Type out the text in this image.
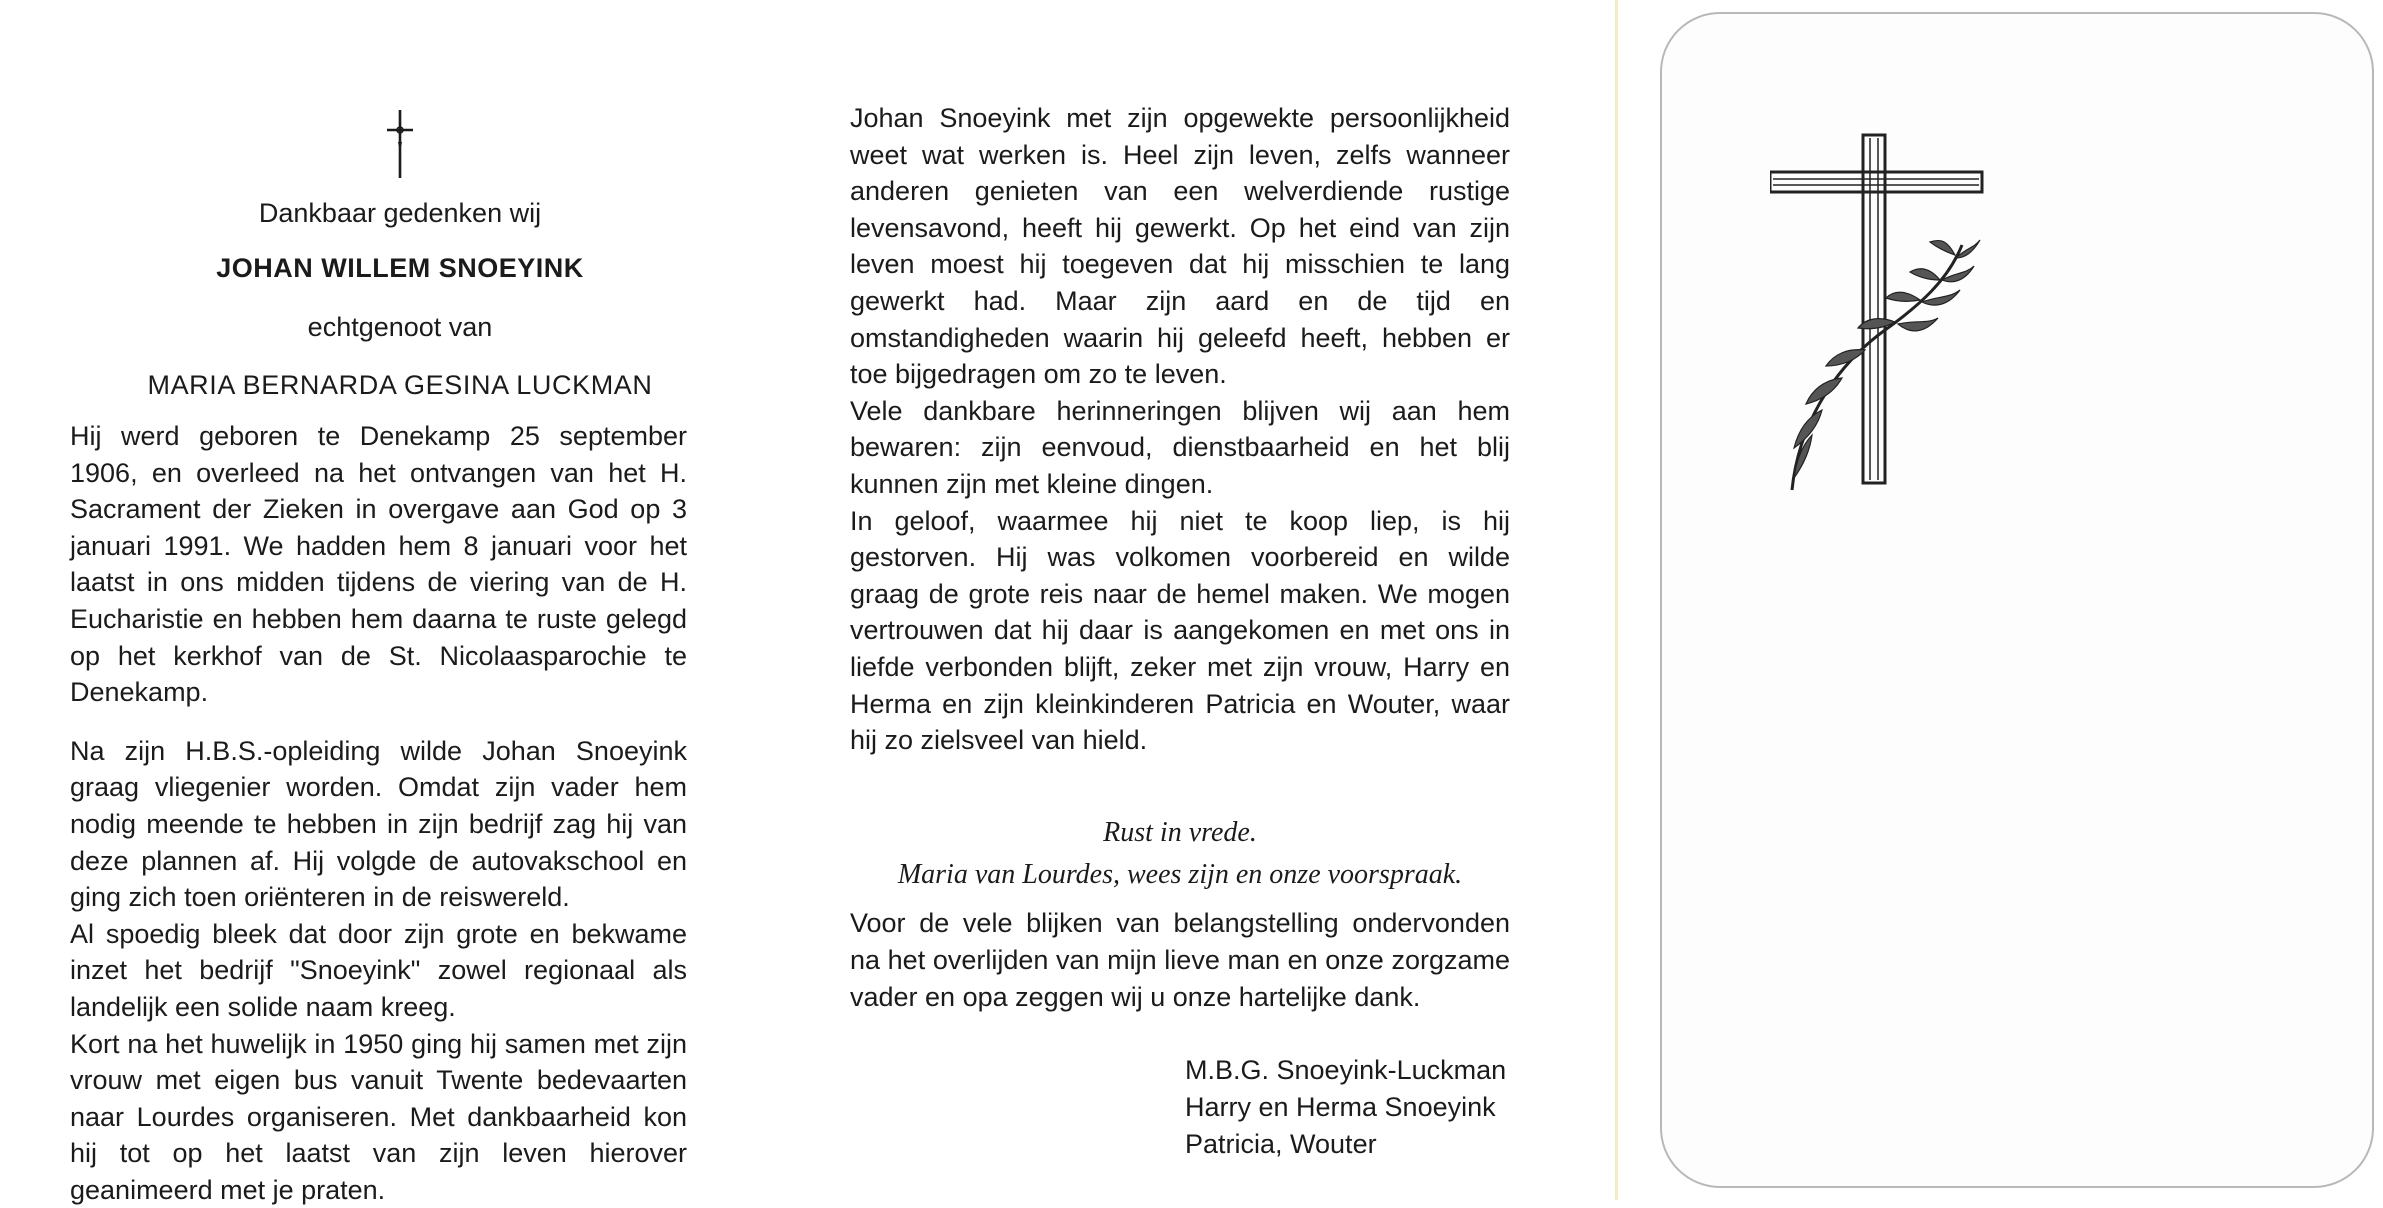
Dankbaar gedenken wij
JOHAN WILLEM SNOEYINK
echtgenoot van
MARIA BERNARDA GESINA LUCKMAN

Hij werd geboren te Denekamp 25 september 1906, en overleed na het ontvangen van het H. Sacrament der Zieken in overgave aan God op 3 januari 1991. We hadden hem 8 januari voor het laatst in ons midden tijdens de viering van de H. Eucharistie en hebben hem daarna te ruste gelegd op het kerkhof van de St. Nicolaasparochie te Denekamp.

Na zijn H.B.S.-opleiding wilde Johan Snoeyink graag vliegenier worden. Omdat zijn vader hem nodig meende te hebben in zijn bedrijf zag hij van deze plannen af. Hij volgde de autovakschool en ging zich toen oriënteren in de reiswereld.

Al spoedig bleek dat door zijn grote en bekwame inzet het bedrijf "Snoeyink" zowel regionaal als landelijk een solide naam kreeg.

Kort na het huwelijk in 1950 ging hij samen met zijn vrouw met eigen bus vanuit Twente bedevaarten naar Lourdes organiseren. Met dankbaarheid kon hij tot op het laatst van zijn leven hierover geanimeerd met je praten.

Johan Snoeyink met zijn opgewekte persoonlijkheid weet wat werken is. Heel zijn leven, zelfs wanneer anderen genieten van een welverdiende rustige levensavond, heeft hij gewerkt. Op het eind van zijn leven moest hij toegeven dat hij misschien te lang gewerkt had. Maar zijn aard en de tijd en omstandigheden waarin hij geleefd heeft, hebben er toe bijgedragen om zo te leven.

Vele dankbare herinneringen blijven wij aan hem bewaren: zijn eenvoud, dienstbaarheid en het blij kunnen zijn met kleine dingen.

In geloof, waarmee hij niet te koop liep, is hij gestorven. Hij was volkomen voorbereid en wilde graag de grote reis naar de hemel maken. We mogen vertrouwen dat hij daar is aangekomen en met ons in liefde verbonden blijft, zeker met zijn vrouw, Harry en Herma en zijn kleinkinderen Patricia en Wouter, waar hij zo zielsveel van hield.

Rust in vrede.
Maria van Lourdes, wees zijn en onze voorspraak.
Voor de vele blijken van belangstelling ondervonden na het overlijden van mijn lieve man en onze zorgzame vader en opa zeggen wij u onze hartelijke dank.
M.B.G. Snoeyink-Luckman
Harry en Herma Snoeyink
Patricia, Wouter
